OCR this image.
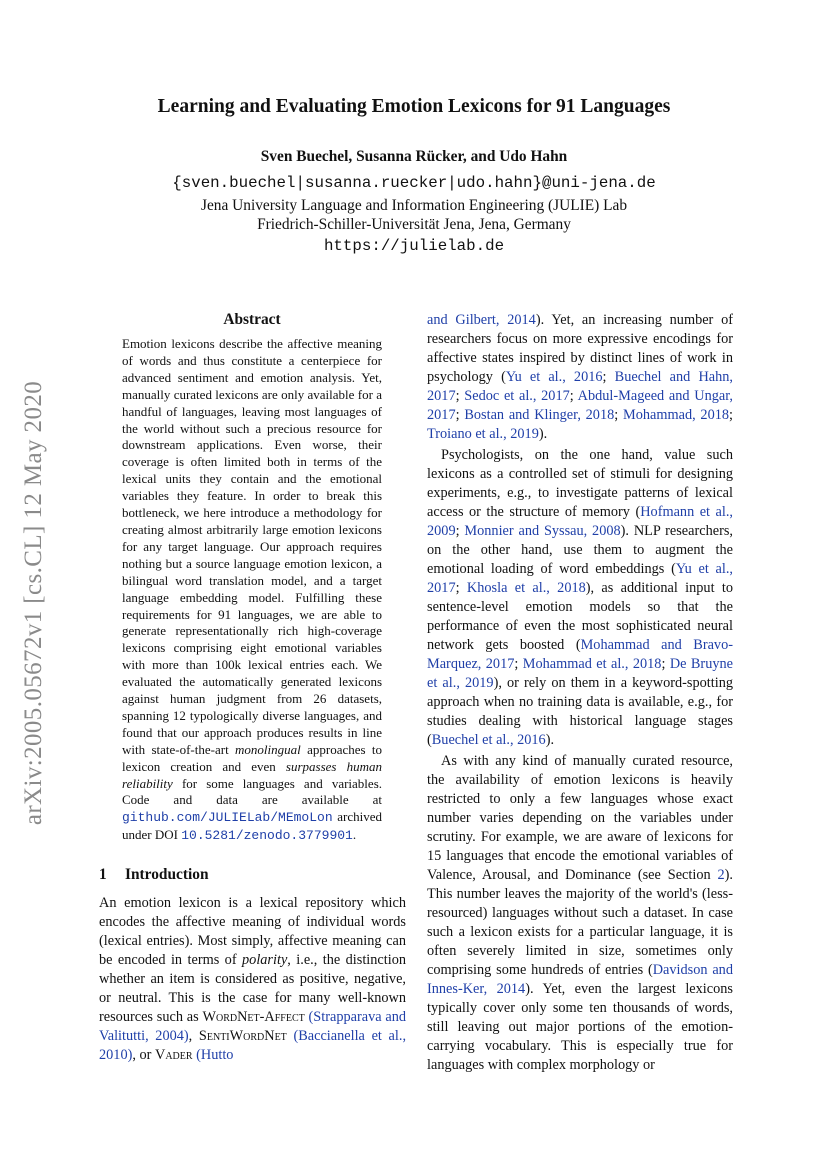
arXiv:2005.05672v1 [cs.CL] 12 May 2020
Learning and Evaluating Emotion Lexicons for 91 Languages

Sven Buechel, Susanna Rücker, and Udo Hahn

{sven.buechel|susanna.ruecker|udo.hahn}@uni-jena.de

Jena University Language and Information Engineering (JULIE) Lab

Friedrich-Schiller-Universität Jena, Jena, Germany

https://julielab.de

Abstract

Emotion lexicons describe the affective meaning of words and thus constitute a centerpiece for advanced sentiment and emotion analysis. Yet, manually curated lexicons are only available for a handful of languages, leaving most languages of the world without such a precious resource for downstream applications. Even worse, their coverage is often limited both in terms of the lexical units they contain and the emotional variables they feature. In order to break this bottleneck, we here introduce a methodology for creating almost arbitrarily large emotion lexicons for any target language. Our approach requires nothing but a source language emotion lexicon, a bilingual word translation model, and a target language embedding model. Fulfilling these requirements for 91 languages, we are able to generate representationally rich high-coverage lexicons comprising eight emotional variables with more than 100k lexical entries each. We evaluated the automatically generated lexicons against human judgment from 26 datasets, spanning 12 typologically diverse languages, and found that our approach produces results in line with state-of-the-art monolingual approaches to lexicon creation and even surpasses human reliability for some languages and variables. Code and data are available at github.com/JULIELab/MEmoLon archived under DOI 10.5281/zenodo.3779901.

1 Introduction

An emotion lexicon is a lexical repository which encodes the affective meaning of individual words (lexical entries). Most simply, affective meaning can be encoded in terms of polarity, i.e., the distinction whether an item is considered as positive, negative, or neutral. This is the case for many well-known resources such as WordNet-Affect (Strapparava and Valitutti, 2004), SentiWordNet (Baccianella et al., 2010), or Vader (Hutto

and Gilbert, 2014). Yet, an increasing number of researchers focus on more expressive encodings for affective states inspired by distinct lines of work in psychology (Yu et al., 2016; Buechel and Hahn, 2017; Sedoc et al., 2017; Abdul-Mageed and Ungar, 2017; Bostan and Klinger, 2018; Mohammad, 2018; Troiano et al., 2019).

Psychologists, on the one hand, value such lexicons as a controlled set of stimuli for designing experiments, e.g., to investigate patterns of lexical access or the structure of memory (Hofmann et al., 2009; Monnier and Syssau, 2008). NLP researchers, on the other hand, use them to augment the emotional loading of word embeddings (Yu et al., 2017; Khosla et al., 2018), as additional input to sentence-level emotion models so that the performance of even the most sophisticated neural network gets boosted (Mohammad and Bravo-Marquez, 2017; Mohammad et al., 2018; De Bruyne et al., 2019), or rely on them in a keyword-spotting approach when no training data is available, e.g., for studies dealing with historical language stages (Buechel et al., 2016).

As with any kind of manually curated resource, the availability of emotion lexicons is heavily restricted to only a few languages whose exact number varies depending on the variables under scrutiny. For example, we are aware of lexicons for 15 languages that encode the emotional variables of Valence, Arousal, and Dominance (see Section 2). This number leaves the majority of the world's (less-resourced) languages without such a dataset. In case such a lexicon exists for a particular language, it is often severely limited in size, sometimes only comprising some hundreds of entries (Davidson and Innes-Ker, 2014). Yet, even the largest lexicons typically cover only some ten thousands of words, still leaving out major portions of the emotion-carrying vocabulary. This is especially true for languages with complex morphology or
